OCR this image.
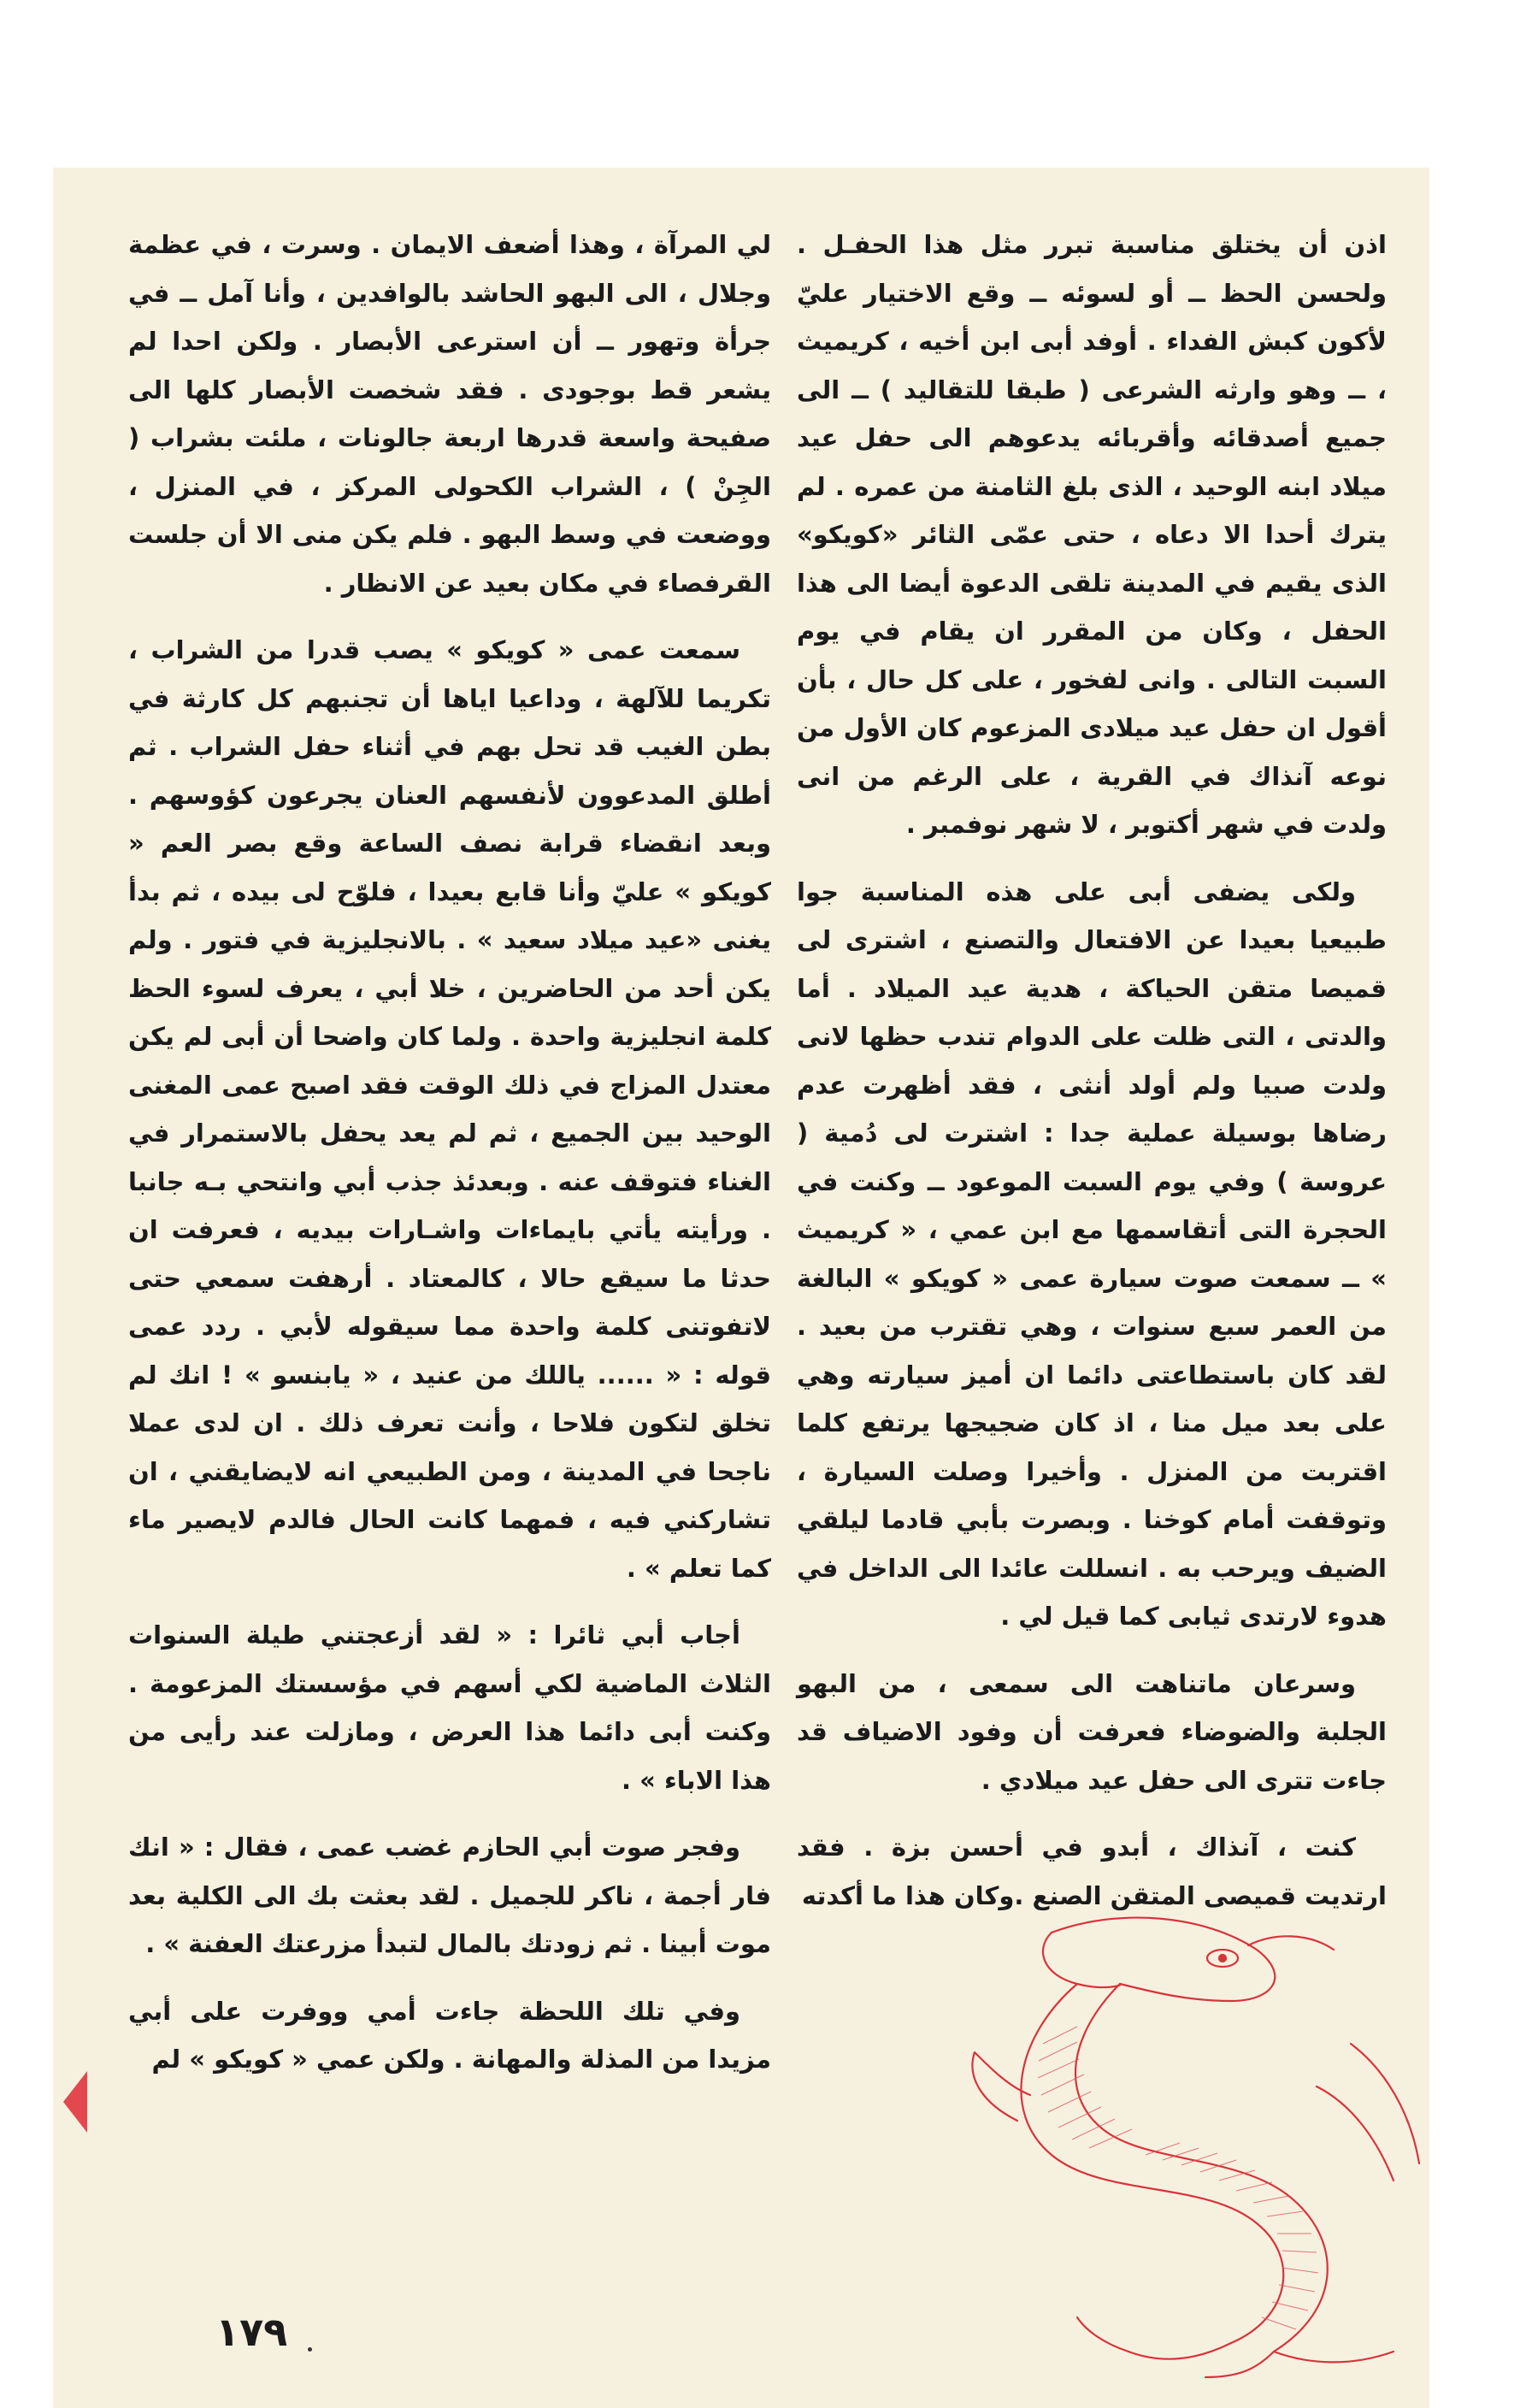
اذن أن يختلق مناسبة تبرر مثل هذا الحفـل . ولحسن الحظ ــ أو لسوئه ــ وقع الاختيار عليّ لأكون كبش الفداء . أوفد أبى ابن أخيه ، كريميث ، ــ وهو وارثه الشرعى ( طبقا للتقاليد ) ــ الى جميع أصدقائه وأقربائه يدعوهم الى حفل عيد ميلاد ابنه الوحيد ، الذى بلغ الثامنة من عمره . لم يترك أحدا الا دعاه ، حتى عمّى الثائر «كويكو» الذى يقيم في المدينة تلقى الدعوة أيضا الى هذا الحفل ، وكان من المقرر ان يقام في يوم السبت التالى . وانى لفخور ، على كل حال ، بأن أقول ان حفل عيد ميلادى المزعوم كان الأول من نوعه آنذاك في القرية ، على الرغم من انى ولدت في شهر أكتوبر ، لا شهر نوفمبر .

ولكى يضفى أبى على هذه المناسبة جوا طبيعيا بعيدا عن الافتعال والتصنع ، اشترى لى قميصا متقن الحياكة ، هدية عيد الميلاد . أما والدتى ، التى ظلت على الدوام تندب حظها لانى ولدت صبيا ولم أولد أنثى ، فقد أظهرت عدم رضاها بوسيلة عملية جدا : اشترت لى دُمية ( عروسة ) وفي يوم السبت الموعود ــ وكنت في الحجرة التى أتقاسمها مع ابن عمي ، « كريميث » ــ سمعت صوت سيارة عمى « كويكو » البالغة من العمر سبع سنوات ، وهي تقترب من بعيد . لقد كان باستطاعتى دائما ان أميز سيارته وهي على بعد ميل منا ، اذ كان ضجيجها يرتفع كلما اقتربت من المنزل . وأخيرا وصلت السيارة ، وتوقفت أمام كوخنا . وبصرت بأبي قادما ليلقي الضيف ويرحب به . انسللت عائدا الى الداخل في هدوء لارتدى ثيابى كما قيل لي .

وسرعان ماتناهت الى سمعى ، من البهو الجلبة والضوضاء فعرفت أن وفود الاضياف قد جاءت تترى الى حفل عيد ميلادي .

كنت ، آنذاك ، أبدو في أحسن بزة . فقد ارتديت قميصى المتقن الصنع .وكان هذا ما أكدته

لي المرآة ، وهذا أضعف الايمان . وسرت ، في عظمة وجلال ، الى البهو الحاشد بالوافدين ، وأنا آمل ــ في جرأة وتهور ــ أن استرعى الأبصار . ولكن احدا لم يشعر قط بوجودى . فقد شخصت الأبصار كلها الى صفيحة واسعة قدرها اربعة جالونات ، ملئت بشراب ( الجِنْ ) ، الشراب الكحولى المركز ، في المنزل ، ووضعت في وسط البهو . فلم يكن منى الا أن جلست القرفصاء في مكان بعيد عن الانظار .

سمعت عمى « كويكو » يصب قدرا من الشراب ، تكريما للآلهة ، وداعيا اياها أن تجنبهم كل كارثة في بطن الغيب قد تحل بهم في أثناء حفل الشراب . ثم أطلق المدعوون لأنفسهم العنان يجرعون كؤوسهم . وبعد انقضاء قرابة نصف الساعة وقع بصر العم « كويكو » عليّ وأنا قابع بعيدا ، فلوّح لى بيده ، ثم بدأ يغنى «عيد ميلاد سعيد » . بالانجليزية في فتور . ولم يكن أحد من الحاضرين ، خلا أبي ، يعرف لسوء الحظ كلمة انجليزية واحدة . ولما كان واضحا أن أبى لم يكن معتدل المزاج في ذلك الوقت فقد اصبح عمى المغنى الوحيد بين الجميع ، ثم لم يعد يحفل بالاستمرار في الغناء فتوقف عنه . وبعدئذ جذب أبي وانتحي بـه جانبا . ورأيته يأتي بايماءات واشـارات بيديه ، فعرفت ان حدثا ما سيقع حالا ، كالمعتاد . أرهفت سمعي حتى لاتفوتنى كلمة واحدة مما سيقوله لأبي . ردد عمى قوله : « ...... ياللك من عنيد ، « يابنسو » ! انك لم تخلق لتكون فلاحا ، وأنت تعرف ذلك . ان لدى عملا ناجحا في المدينة ، ومن الطبيعي انه لايضايقني ، ان تشاركني فيه ، فمهما كانت الحال فالدم لايصير ماء كما تعلم » .

أجاب أبي ثائرا : « لقد أزعجتني طيلة السنوات الثلاث الماضية لكي أسهم في مؤسستك المزعومة . وكنت أبى دائما هذا العرض ، ومازلت عند رأيى من هذا الاباء » .

وفجر صوت أبي الحازم غضب عمى ، فقال : « انك فار أجمة ، ناكر للجميل . لقد بعثت بك الى الكلية بعد موت أبينا . ثم زودتك بالمال لتبدأ مزرعتك العفنة » .

وفي تلك اللحظة جاءت أمي ووفرت على أبي مزيدا من المذلة والمهانة . ولكن عمي « كويكو » لم

١٧٩
